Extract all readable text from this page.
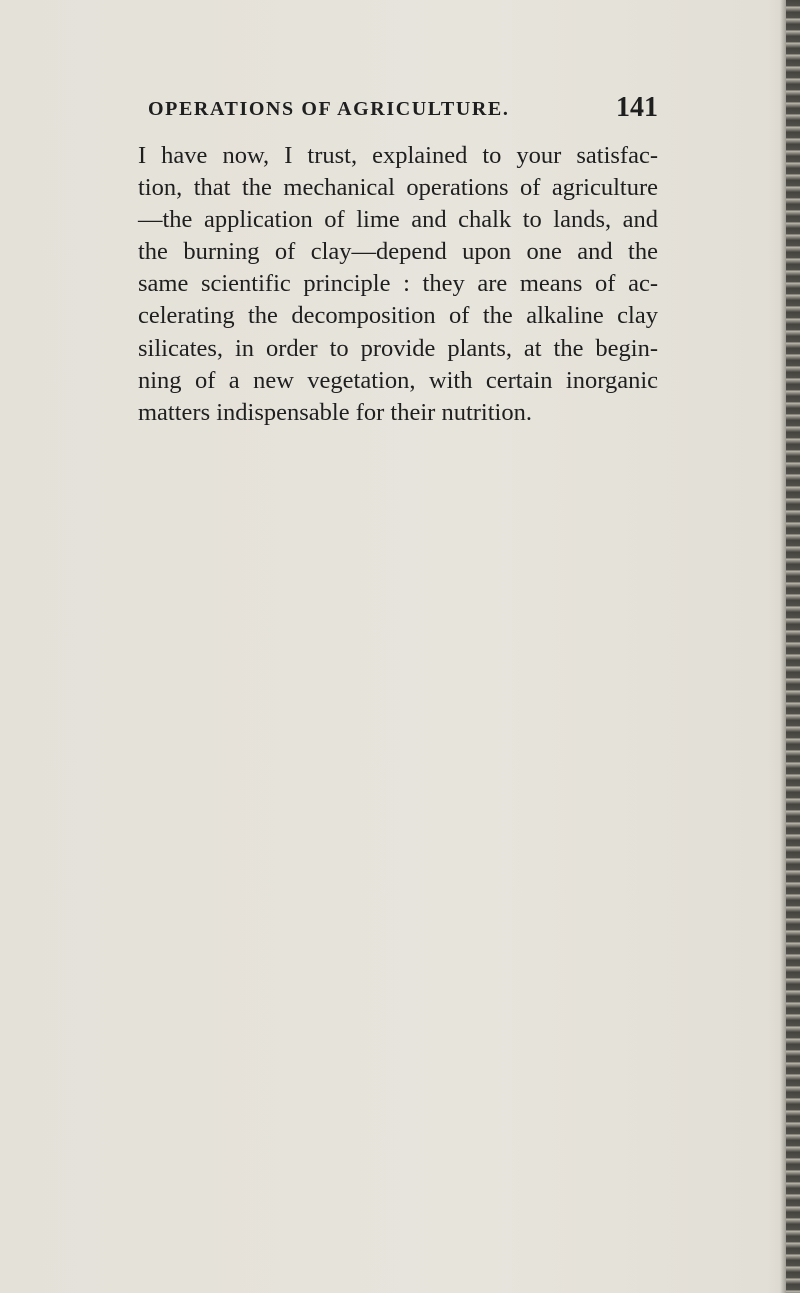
OPERATIONS OF AGRICULTURE.	141
I have now, I trust, explained to your satisfac-
tion, that the mechanical operations of agriculture
—the application of lime and chalk to lands, and
the burning of clay—depend upon one and the
same scientific principle : they are means of ac-
celerating the decomposition of the alkaline clay
silicates, in order to provide plants, at the begin-
ning of a new vegetation, with certain inorganic
matters indispensable for their nutrition.
